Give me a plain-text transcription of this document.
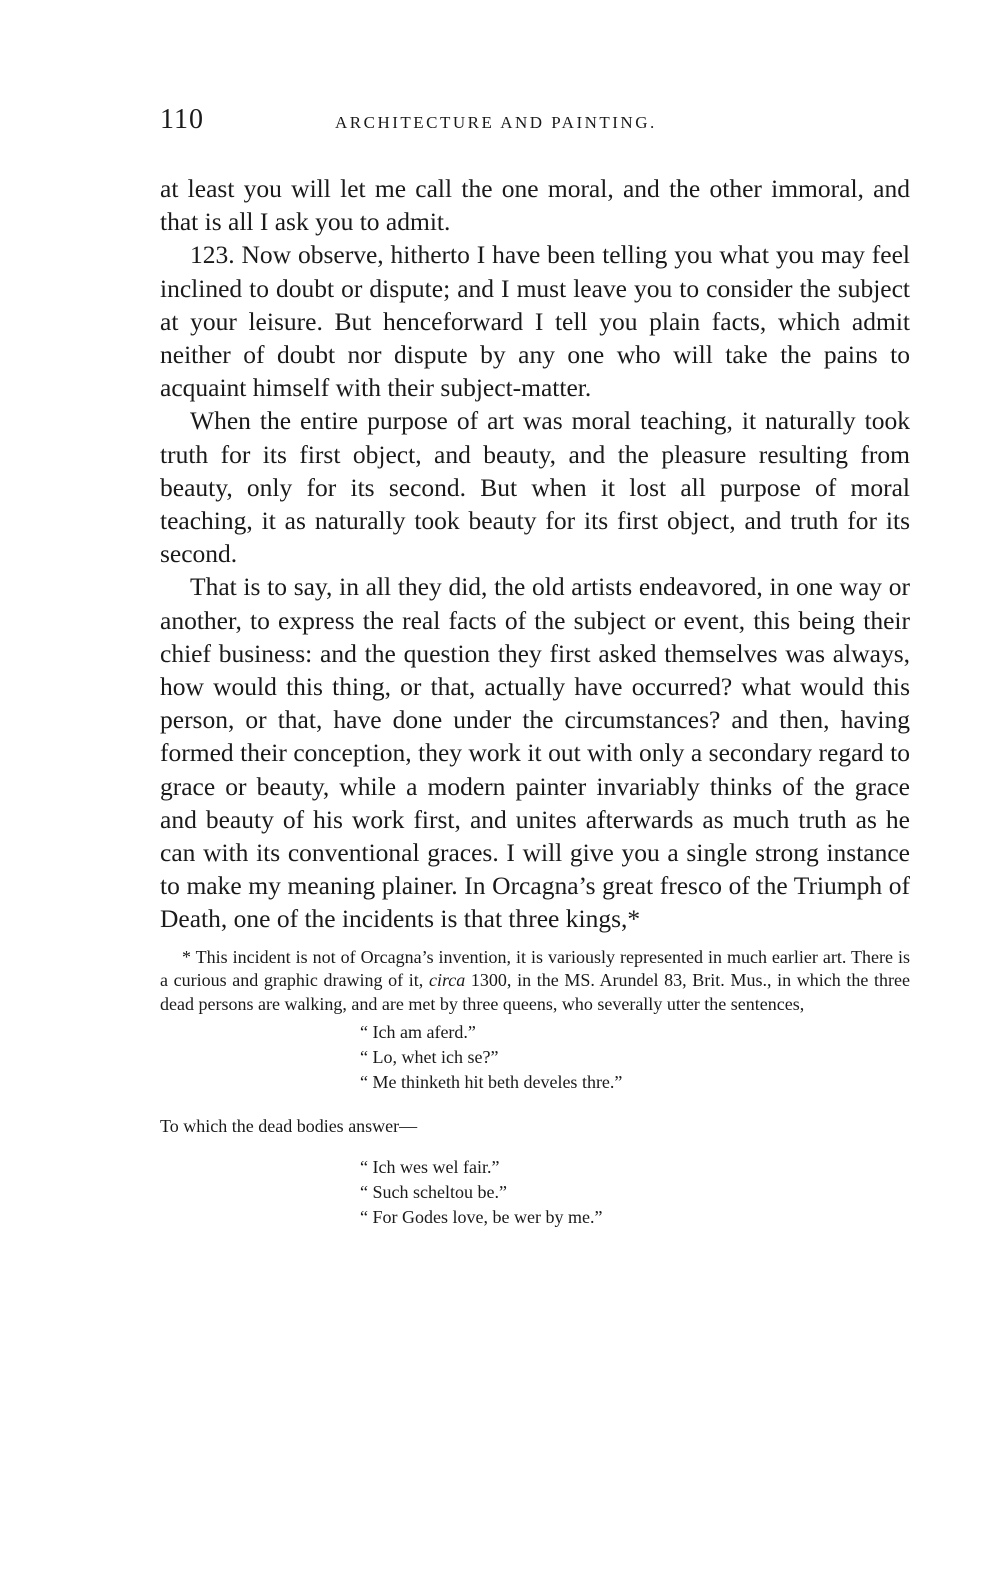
110	ARCHITECTURE AND PAINTING.

at least you will let me call the one moral, and the other immoral, and that is all I ask you to admit.

123. Now observe, hitherto I have been telling you what you may feel inclined to doubt or dispute; and I must leave you to consider the subject at your leisure. But henceforward I tell you plain facts, which admit neither of doubt nor dispute by any one who will take the pains to acquaint himself with their subject-matter.

When the entire purpose of art was moral teaching, it naturally took truth for its first object, and beauty, and the pleasure resulting from beauty, only for its second. But when it lost all purpose of moral teaching, it as naturally took beauty for its first object, and truth for its second.

That is to say, in all they did, the old artists endeavored, in one way or another, to express the real facts of the subject or event, this being their chief business: and the question they first asked themselves was always, how would this thing, or that, actually have occurred? what would this person, or that, have done under the circumstances? and then, having formed their conception, they work it out with only a secondary regard to grace or beauty, while a modern painter invariably thinks of the grace and beauty of his work first, and unites afterwards as much truth as he can with its conventional graces. I will give you a single strong instance to make my meaning plainer. In Orcagna’s great fresco of the Triumph of Death, one of the incidents is that three kings,*

* This incident is not of Orcagna’s invention, it is variously represented in much earlier art. There is a curious and graphic drawing of it, circa 1300, in the MS. Arundel 83, Brit. Mus., in which the three dead persons are walking, and are met by three queens, who severally utter the sentences,

“ Ich am aferd.”
“ Lo, whet ich se?”
“ Me thinketh hit beth develes thre.”

To which the dead bodies answer—

“ Ich wes wel fair.”
“ Such scheltou be.”
“ For Godes love, be wer by me.”
